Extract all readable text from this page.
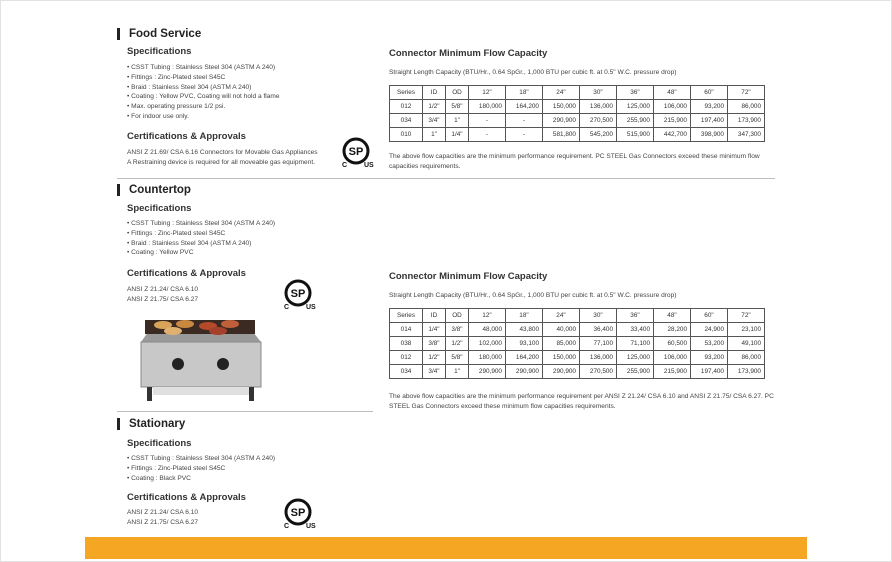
Food Service
Specifications
• CSST Tubing : Stainless Steel 304 (ASTM A 240)
• Fittings : Zinc-Plated steel S45C
• Braid : Stainless Steel 304 (ASTM A 240)
• Coating : Yellow PVC, Coating will not hold a flame
• Max. operating pressure 1/2 psi.
• For indoor use only.
Certifications & Approvals
ANSI Z 21.69/ CSA 6.16 Connectors for Movable Gas Appliances
A Restraining device is required for all moveable gas equipment.
SP
C US
Connector Minimum Flow Capacity
Straight Length Capacity (BTU/Hr., 0.64 SpGr., 1,000 BTU per cubic ft. at 0.5" W.C. pressure drop)
Series	ID	OD	12"	18"	24"	30"	36"	48"	60"	72"
012	1/2"	5/8"	180,000	164,200	150,000	136,000	125,000	106,000	93,200	86,000
034	3/4"	1"	-	-	290,900	270,500	255,900	215,900	197,400	173,900
010	1"	1/4"	-	-	581,800	545,200	515,900	442,700	398,900	347,300
The above flow capacities are the minimum performance requirement. PC STEEL Gas Connectors exceed these minimum flow capacities requirements.
Countertop
Specifications
• CSST Tubing : Stainless Steel 304 (ASTM A 240)
• Fittings : Zinc-Plated steel S45C
• Braid : Stainless Steel 304 (ASTM A 240)
• Coating : Yellow PVC
Certifications & Approvals
ANSI Z 21.24/ CSA 6.10
ANSI Z 21.75/ CSA 6.27	SP
C US
Connector Minimum Flow Capacity
Straight Length Capacity (BTU/Hr., 0.64 SpGr., 1,000 BTU per cubic ft. at 0.5" W.C. pressure drop)
Series	ID	OD	12"	18"	24"	30"	36"	48"	60"	72"
014	1/4"	3/8"	48,000	43,800	40,000	36,400	33,400	28,200	24,900	23,100
038	3/8"	1/2"	102,000	93,100	85,000	77,100	71,100	60,500	53,200	49,100
012	1/2"	5/8"	180,000	164,200	150,000	136,000	125,000	106,000	93,200	86,000
034	3/4"	1"	290,900	290,900	290,900	270,500	255,900	215,900	197,400	173,900
The above flow capacities are the minimum performance requirement per ANSI Z 21.24/ CSA 6.10 and ANSI Z 21.75/ CSA 6.27. PC STEEL Gas Connectors exceed these minimum flow capacities requirements.
Stationary
Specifications
• CSST Tubing : Stainless Steel 304 (ASTM A 240)
• Fittings : Zinc-Plated steel S45C
• Coating : Black PVC
Certifications & Approvals
ANSI Z 21.24/ CSA 6.10
ANSI Z 21.75/ CSA 6.27
SP
C US
